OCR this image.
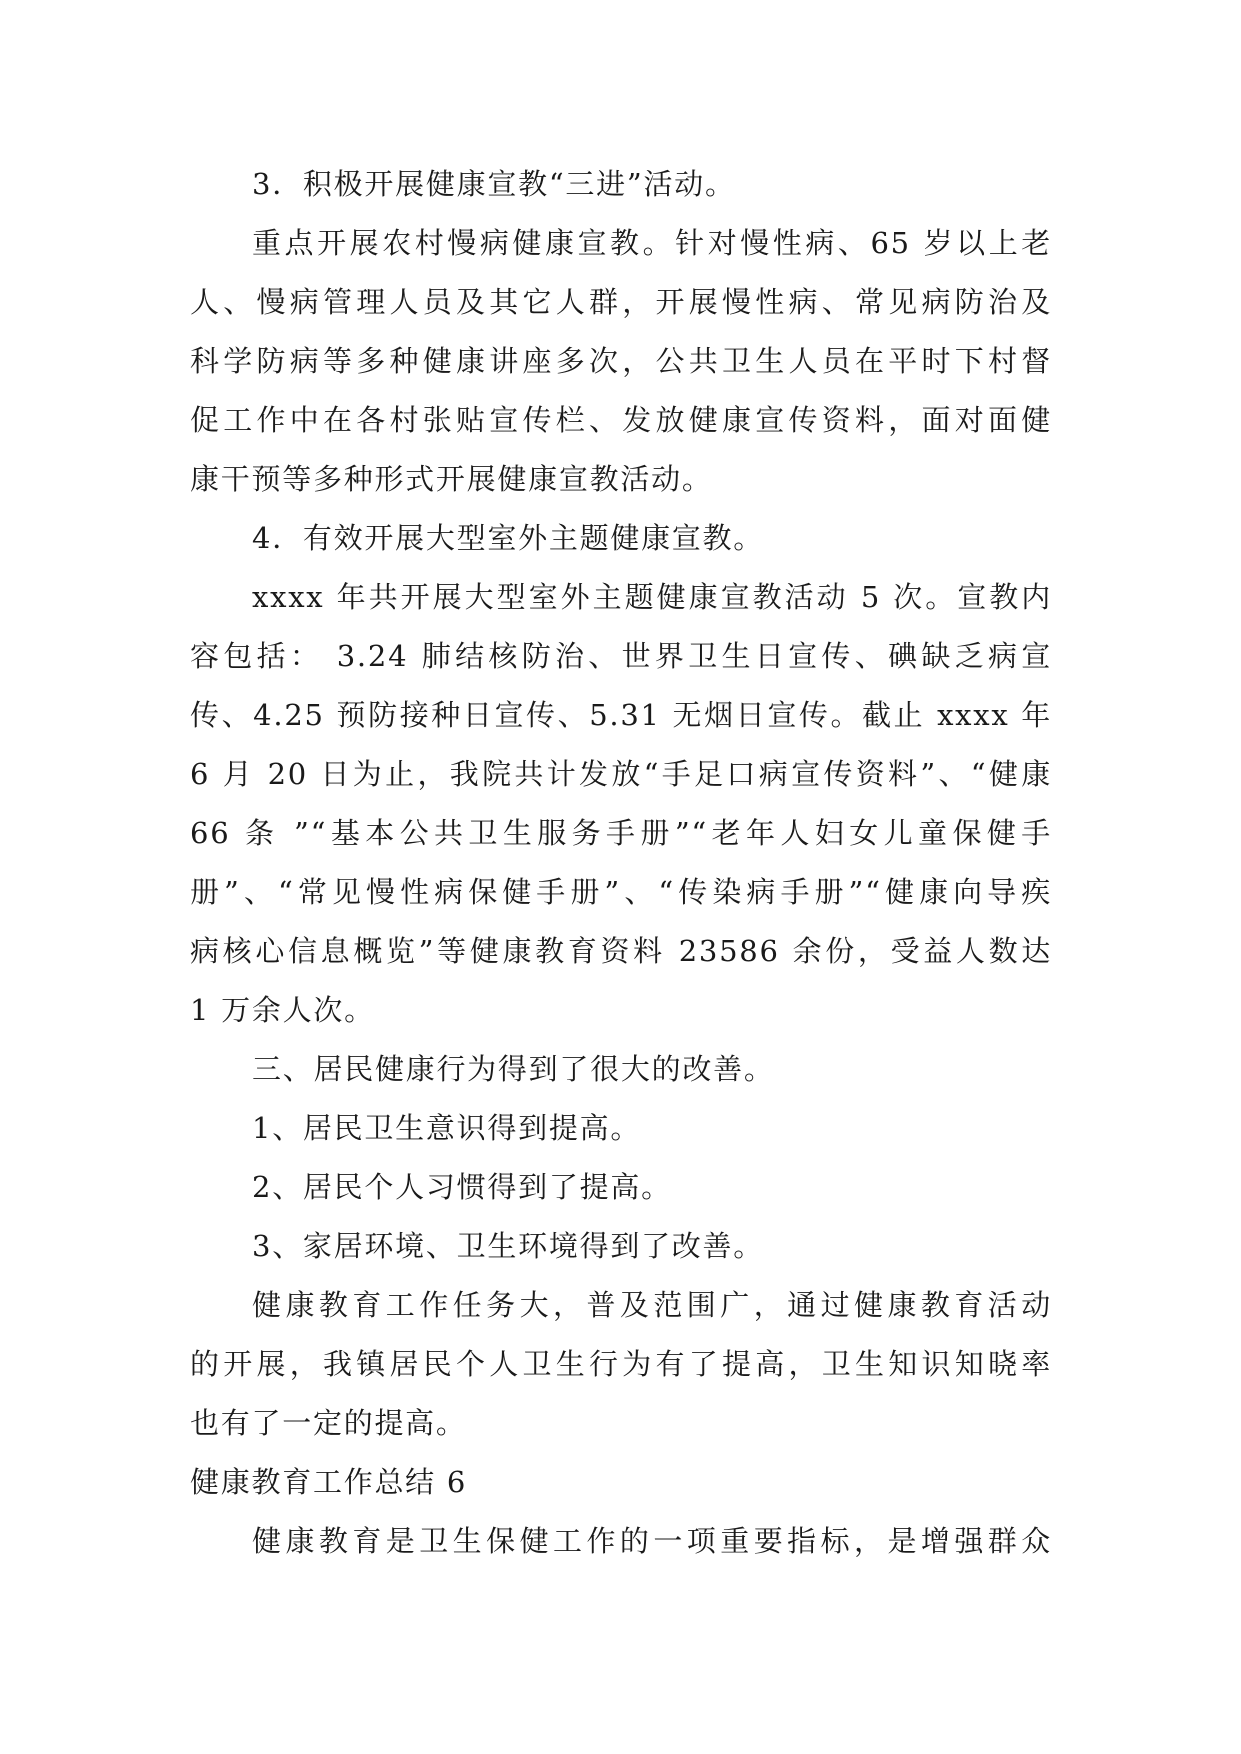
3．积极开展健康宣教“三进”活动。
重点开展农村慢病健康宣教。针对慢性病、65 岁以上老
人、慢病管理人员及其它人群，开展慢性病、常见病防治及
科学防病等多种健康讲座多次，公共卫生人员在平时下村督
促工作中在各村张贴宣传栏、发放健康宣传资料，面对面健
康干预等多种形式开展健康宣教活动。
4．有效开展大型室外主题健康宣教。
xxxx 年共开展大型室外主题健康宣教活动 5 次。宣教内
容包括： 3.24 肺结核防治、世界卫生日宣传、碘缺乏病宣
传、4.25 预防接种日宣传、5.31 无烟日宣传。截止 xxxx 年
6 月 20 日为止，我院共计发放“手足口病宣传资料”、“健康
66 条 ”“基本公共卫生服务手册”“老年人妇女儿童保健手
册”、“常见慢性病保健手册”、“传染病手册”“健康向导疾
病核心信息概览”等健康教育资料 23586 余份，受益人数达
1 万余人次。
三、居民健康行为得到了很大的改善。
1、居民卫生意识得到提高。
2、居民个人习惯得到了提高。
3、家居环境、卫生环境得到了改善。
健康教育工作任务大，普及范围广，通过健康教育活动
的开展，我镇居民个人卫生行为有了提高，卫生知识知晓率
也有了一定的提高。
健康教育工作总结 6
健康教育是卫生保健工作的一项重要指标，是增强群众
